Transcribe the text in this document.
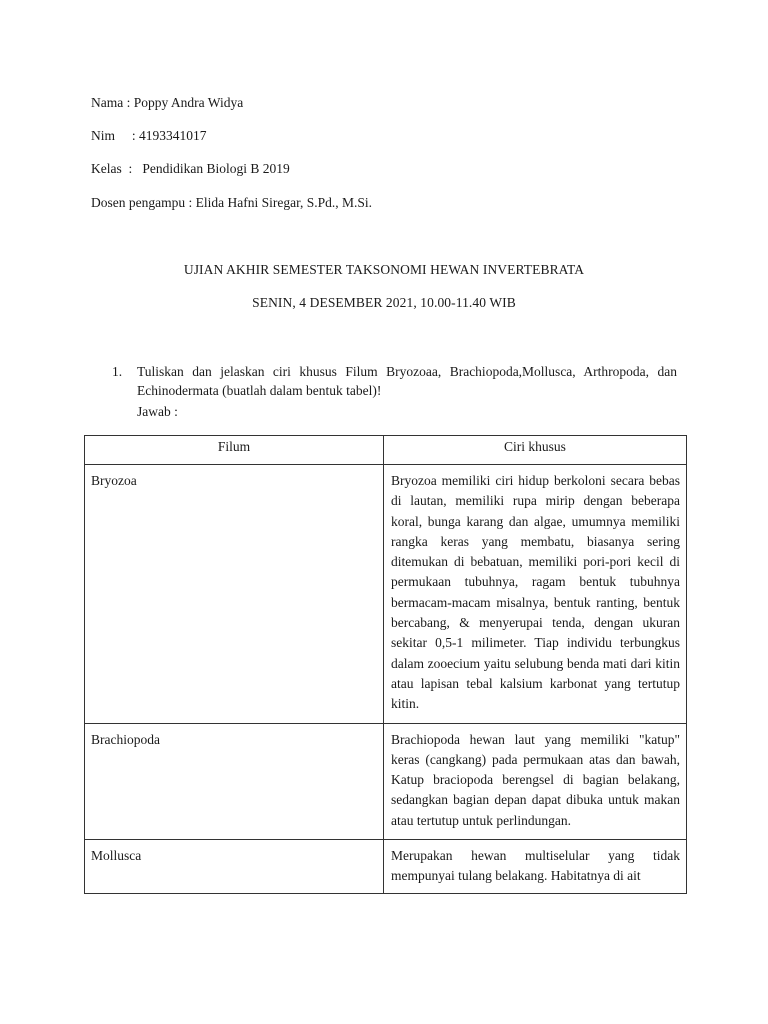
Nama : Poppy Andra Widya
Nim     : 4193341017
Kelas  :   Pendidikan Biologi B 2019
Dosen pengampu : Elida Hafni Siregar, S.Pd., M.Si.
UJIAN AKHIR SEMESTER TAKSONOMI HEWAN INVERTEBRATA
SENIN, 4 DESEMBER 2021, 10.00-11.40 WIB
1. Tuliskan dan jelaskan ciri khusus Filum Bryozoaa, Brachiopoda,Mollusca, Arthropoda, dan Echinodermata (buatlah dalam bentuk tabel)!
Jawab :
Filum	Ciri khusus

Bryozoa	Bryozoa memiliki ciri hidup berkoloni secara bebas di lautan, memiliki rupa mirip dengan beberapa koral, bunga karang dan algae, umumnya memiliki rangka keras yang membatu, biasanya sering ditemukan di bebatuan, memiliki pori-pori kecil di permukaan tubuhnya, ragam bentuk tubuhnya bermacam-macam misalnya, bentuk ranting, bentuk bercabang, & menyerupai tenda, dengan ukuran sekitar 0,5-1 milimeter. Tiap individu terbungkus dalam zooecium yaitu selubung benda mati dari kitin atau lapisan tebal kalsium karbonat yang tertutup kitin.

Brachiopoda	Brachiopoda hewan laut yang memiliki "katup" keras (cangkang) pada permukaan atas dan bawah, Katup braciopoda berengsel di bagian belakang, sedangkan bagian depan dapat dibuka untuk makan atau tertutup untuk perlindungan.

Mollusca	Merupakan hewan multiselular yang tidak mempunyai tulang belakang. Habitatnya di ait
